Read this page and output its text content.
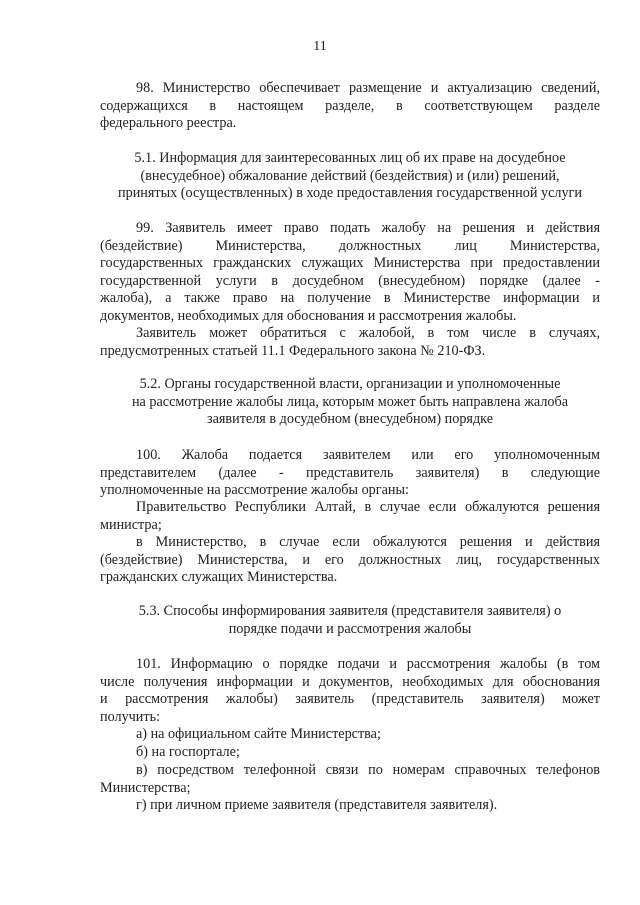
11
98. Министерство обеспечивает размещение и актуализацию сведений,
содержащихся в настоящем разделе, в соответствующем разделе
федерального реестра.
5.1. Информация для заинтересованных лиц об их праве на досудебное
(внесудебное) обжалование действий (бездействия) и (или) решений,
принятых (осуществленных) в ходе предоставления государственной услуги
99. Заявитель имеет право подать жалобу на решения и действия
(бездействие) Министерства, должностных лиц Министерства,
государственных гражданских служащих Министерства при предоставлении
государственной услуги в досудебном (внесудебном) порядке (далее -
жалоба), а также право на получение в Министерстве информации и
документов, необходимых для обоснования и рассмотрения жалобы.
Заявитель может обратиться с жалобой, в том числе в случаях,
предусмотренных статьей 11.1 Федерального закона № 210-ФЗ.
5.2. Органы государственной власти, организации и уполномоченные
на рассмотрение жалобы лица, которым может быть направлена жалоба
заявителя в досудебном (внесудебном) порядке
100. Жалоба подается заявителем или его уполномоченным
представителем (далее - представитель заявителя) в следующие
уполномоченные на рассмотрение жалобы органы:
Правительство Республики Алтай, в случае если обжалуются решения
министра;
в Министерство, в случае если обжалуются решения и действия
(бездействие) Министерства, и его должностных лиц, государственных
гражданских служащих Министерства.
5.3. Способы информирования заявителя (представителя заявителя) о
порядке подачи и рассмотрения жалобы
101. Информацию о порядке подачи и рассмотрения жалобы (в том
числе получения информации и документов, необходимых для обоснования
и рассмотрения жалобы) заявитель (представитель заявителя) может
получить:
а) на официальном сайте Министерства;
б) на госпортале;
в) посредством телефонной связи по номерам справочных телефонов
Министерства;
г) при личном приеме заявителя (представителя заявителя).
